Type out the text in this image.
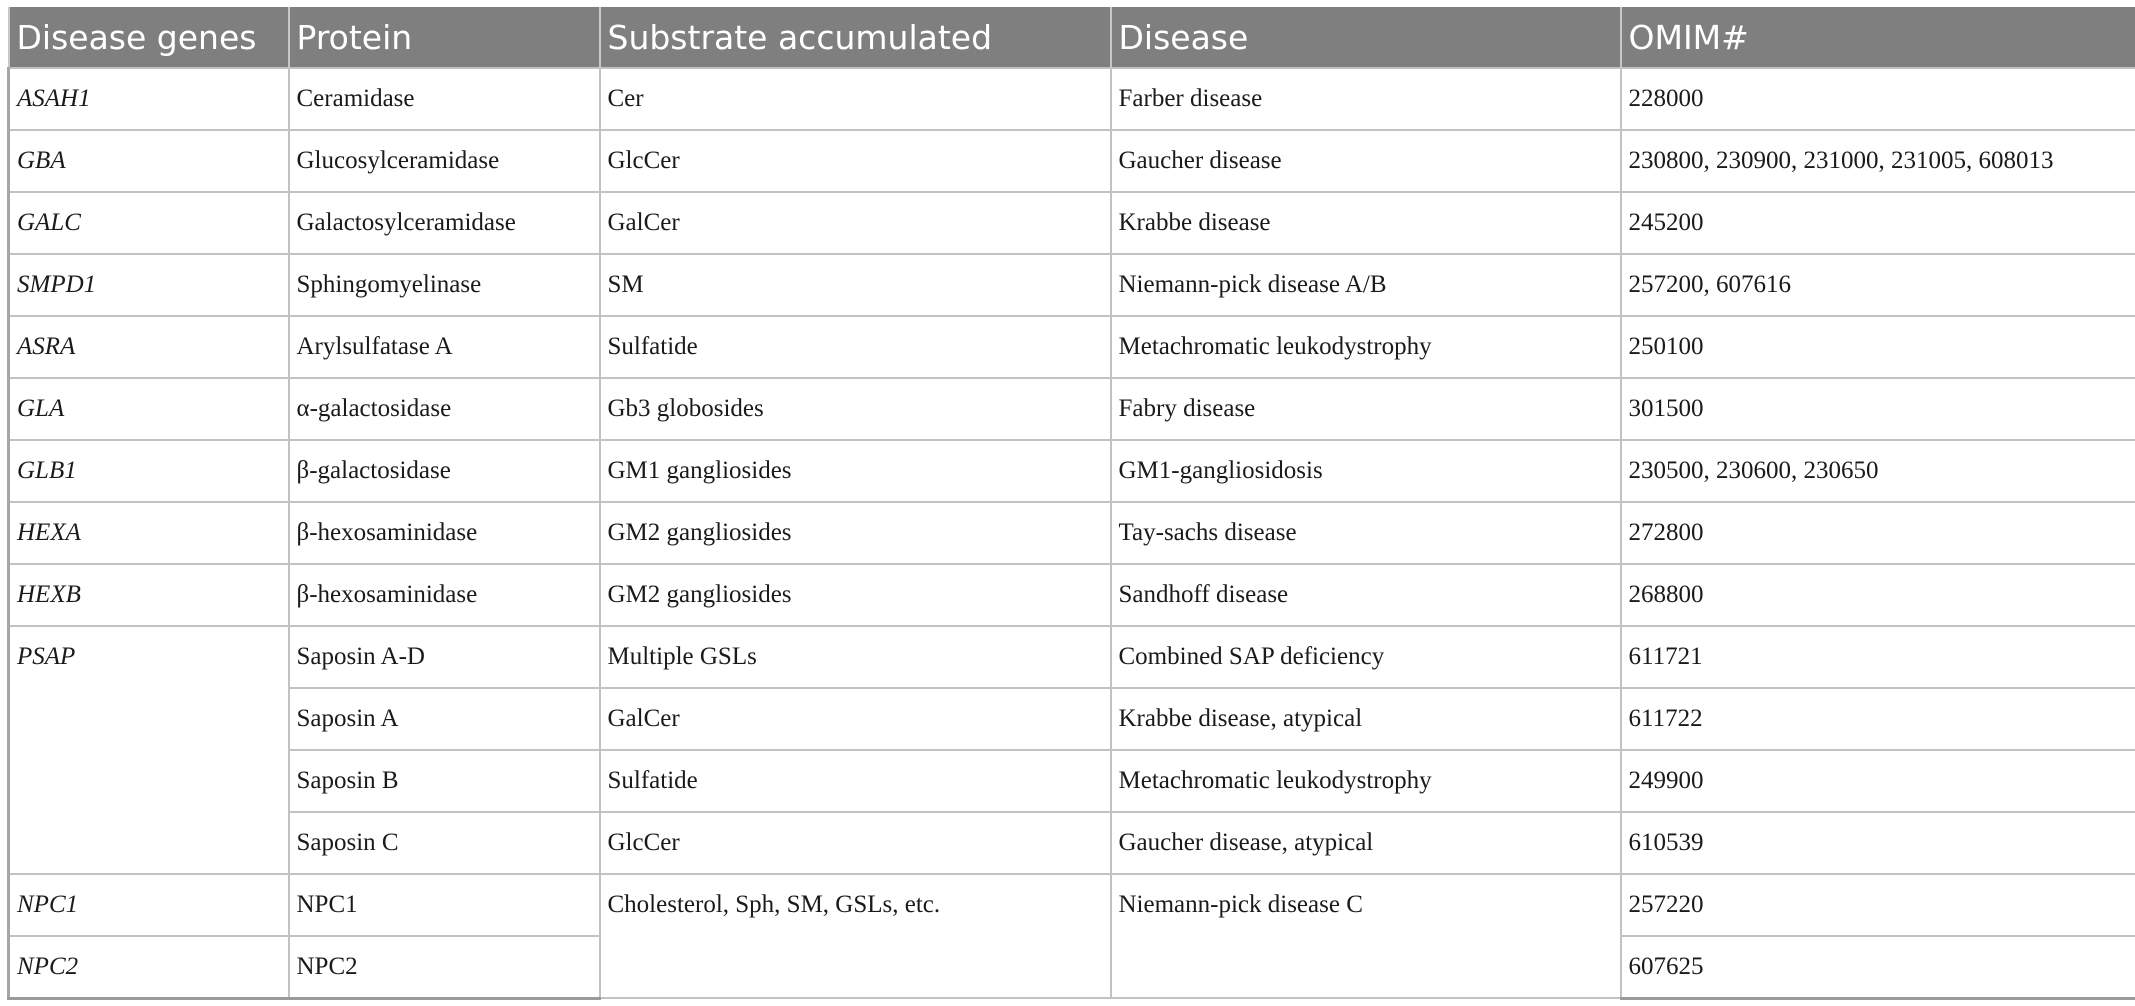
Disease genes	Protein	Substrate accumulated	Disease	OMIM#
ASAH1	Ceramidase	Cer	Farber disease	228000
GBA	Glucosylceramidase	GlcCer	Gaucher disease	230800, 230900, 231000, 231005, 608013
GALC	Galactosylceramidase	GalCer	Krabbe disease	245200
SMPD1	Sphingomyelinase	SM	Niemann-pick disease A/B	257200, 607616
ASRA	Arylsulfatase A	Sulfatide	Metachromatic leukodystrophy	250100
GLA	α-galactosidase	Gb3 globosides	Fabry disease	301500
GLB1	β-galactosidase	GM1 gangliosides	GM1-gangliosidosis	230500, 230600, 230650
HEXA	β-hexosaminidase	GM2 gangliosides	Tay-sachs disease	272800
HEXB	β-hexosaminidase	GM2 gangliosides	Sandhoff disease	268800
PSAP	Saposin A-D	Multiple GSLs	Combined SAP deficiency	611721
	Saposin A	GalCer	Krabbe disease, atypical	611722
	Saposin B	Sulfatide	Metachromatic leukodystrophy	249900
	Saposin C	GlcCer	Gaucher disease, atypical	610539
NPC1	NPC1	Cholesterol, Sph, SM, GSLs, etc.	Niemann-pick disease C	257220
NPC2	NPC2			607625
